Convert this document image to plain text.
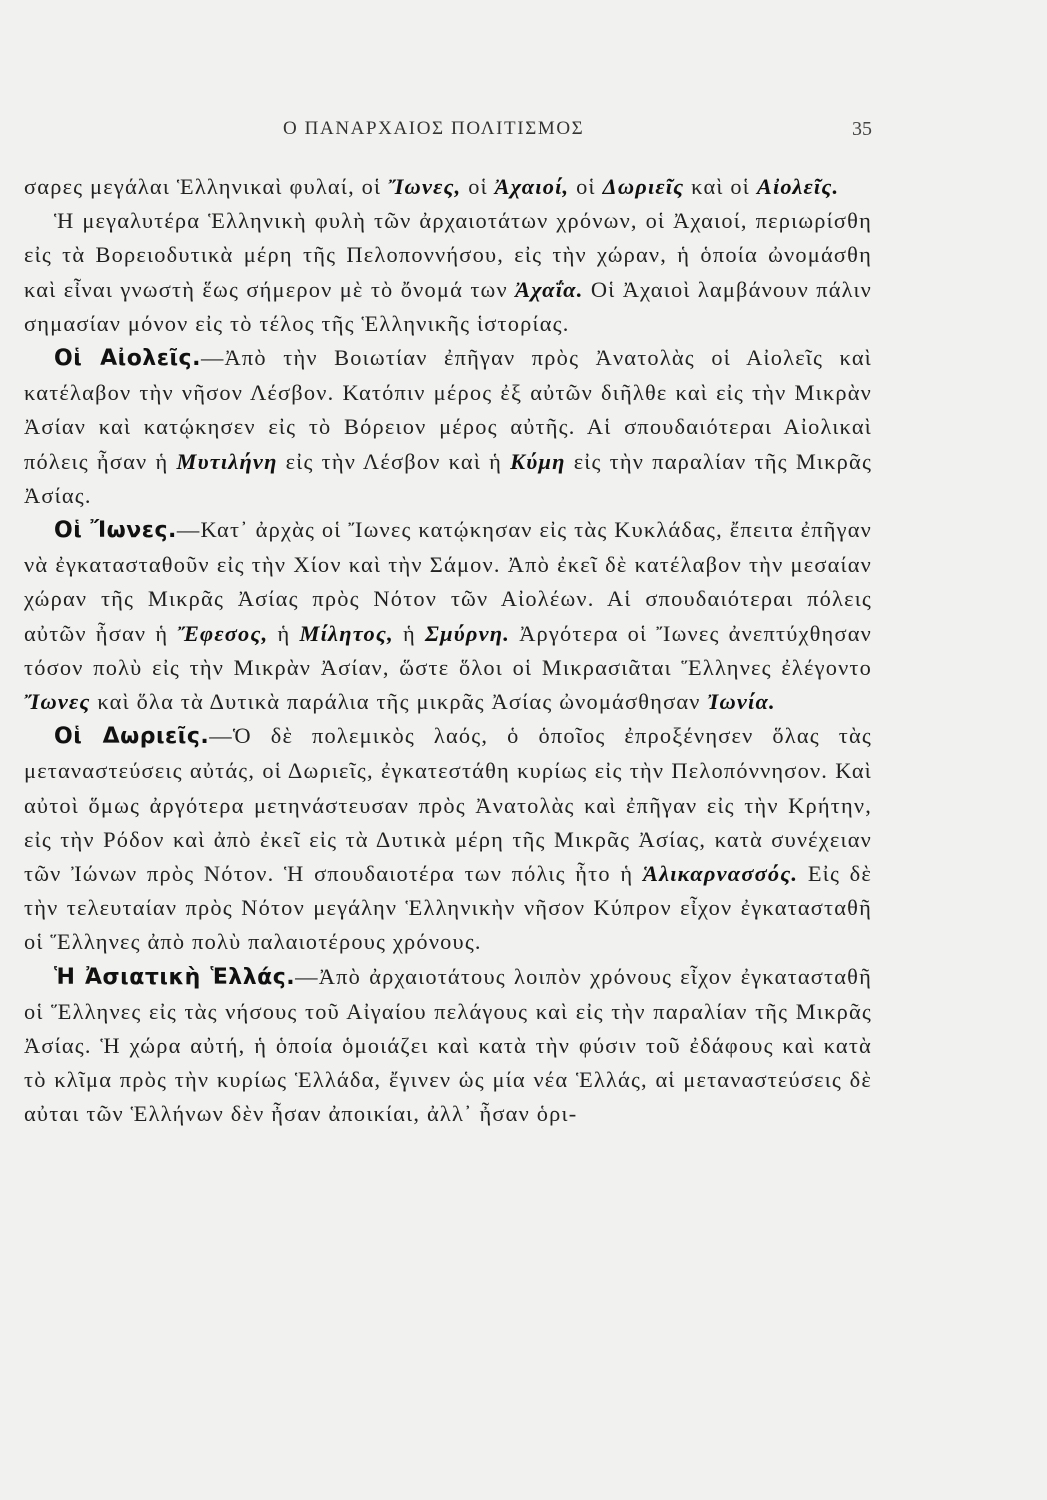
Ο ΠΑΝΑΡΧΑΙΟΣ ΠΟΛΙΤΙΣΜΟΣ	35

σαρες μεγάλαι Ἑλληνικαὶ φυλαί, οἱ Ἴωνες, οἱ Ἀχαιοί, οἱ Δωριεῖς καὶ οἱ Αἰολεῖς.

Ἡ μεγαλυτέρα Ἑλληνικὴ φυλὴ τῶν ἀρχαιοτάτων χρόνων, οἱ Ἀχαιοί, περιωρίσθη εἰς τὰ Βορειοδυτικὰ μέρη τῆς Πελοποννήσου, εἰς τὴν χώραν, ἡ ὁποία ὠνομάσθη καὶ εἶναι γνωστὴ ἕως σήμερον μὲ τὸ ὄνομά των Ἀχαΐα. Οἱ Ἀχαιοὶ λαμβάνουν πάλιν σημασίαν μόνον εἰς τὸ τέλος τῆς Ἑλληνικῆς ἱστορίας.

Οἱ Αἰολεῖς.—Ἀπὸ τὴν Βοιωτίαν ἐπῆγαν πρὸς Ἀνατολὰς οἱ Αἰολεῖς καὶ κατέλαβον τὴν νῆσον Λέσβον. Κατόπιν μέρος ἐξ αὐτῶν διῆλθε καὶ εἰς τὴν Μικρὰν Ἀσίαν καὶ κατῴκησεν εἰς τὸ Βόρειον μέρος αὐτῆς. Αἱ σπουδαιότεραι Αἰολικαὶ πόλεις ἦσαν ἡ Μυτιλήνη εἰς τὴν Λέσβον καὶ ἡ Κύμη εἰς τὴν παραλίαν τῆς Μικρᾶς Ἀσίας.

Οἱ Ἴωνες.—Κατ᾽ ἀρχὰς οἱ Ἴωνες κατῴκησαν εἰς τὰς Κυκλάδας, ἔπειτα ἐπῆγαν νὰ ἐγκατασταθοῦν εἰς τὴν Χίον καὶ τὴν Σάμον. Ἀπὸ ἐκεῖ δὲ κατέλαβον τὴν μεσαίαν χώραν τῆς Μικρᾶς Ἀσίας πρὸς Νότον τῶν Αἰολέων. Αἱ σπουδαιότεραι πόλεις αὐτῶν ἦσαν ἡ Ἔφεσος, ἡ Μίλητος, ἡ Σμύρνη. Ἀργότερα οἱ Ἴωνες ἀνεπτύχθησαν τόσον πολὺ εἰς τὴν Μικρὰν Ἀσίαν, ὥστε ὅλοι οἱ Μικρασιᾶται Ἕλληνες ἐλέγοντο Ἴωνες καὶ ὅλα τὰ Δυτικὰ παράλια τῆς μικρᾶς Ἀσίας ὠνομάσθησαν Ἰωνία.

Οἱ Δωριεῖς.—Ὁ δὲ πολεμικὸς λαός, ὁ ὁποῖος ἐπροξένησεν ὅλας τὰς μεταναστεύσεις αὐτάς, οἱ Δωριεῖς, ἐγκατεστάθη κυρίως εἰς τὴν Πελοπόννησον. Καὶ αὐτοὶ ὅμως ἀργότερα μετηνάστευσαν πρὸς Ἀνατολὰς καὶ ἐπῆγαν εἰς τὴν Κρήτην, εἰς τὴν Ρόδον καὶ ἀπὸ ἐκεῖ εἰς τὰ Δυτικὰ μέρη τῆς Μικρᾶς Ἀσίας, κατὰ συνέχειαν τῶν Ἰώνων πρὸς Νότον. Ἡ σπουδαιοτέρα των πόλις ἦτο ἡ Ἁλικαρνασσός. Εἰς δὲ τὴν τελευταίαν πρὸς Νότον μεγάλην Ἑλληνικὴν νῆσον Κύπρον εἶχον ἐγκατασταθῆ οἱ Ἕλληνες ἀπὸ πολὺ παλαιοτέρους χρόνους.

Ἡ Ἀσιατικὴ Ἑλλάς.—Ἀπὸ ἀρχαιοτάτους λοιπὸν χρόνους εἶχον ἐγκατασταθῆ οἱ Ἕλληνες εἰς τὰς νήσους τοῦ Αἰγαίου πελάγους καὶ εἰς τὴν παραλίαν τῆς Μικρᾶς Ἀσίας. Ἡ χώρα αὐτή, ἡ ὁποία ὁμοιάζει καὶ κατὰ τὴν φύσιν τοῦ ἐδάφους καὶ κατὰ τὸ κλῖμα πρὸς τὴν κυρίως Ἑλλάδα, ἔγινεν ὡς μία νέα Ἑλλάς, αἱ μεταναστεύσεις δὲ αὐται τῶν Ἑλλήνων δὲν ἦσαν ἀποικίαι, ἀλλ᾽ ἦσαν ὁρι-
